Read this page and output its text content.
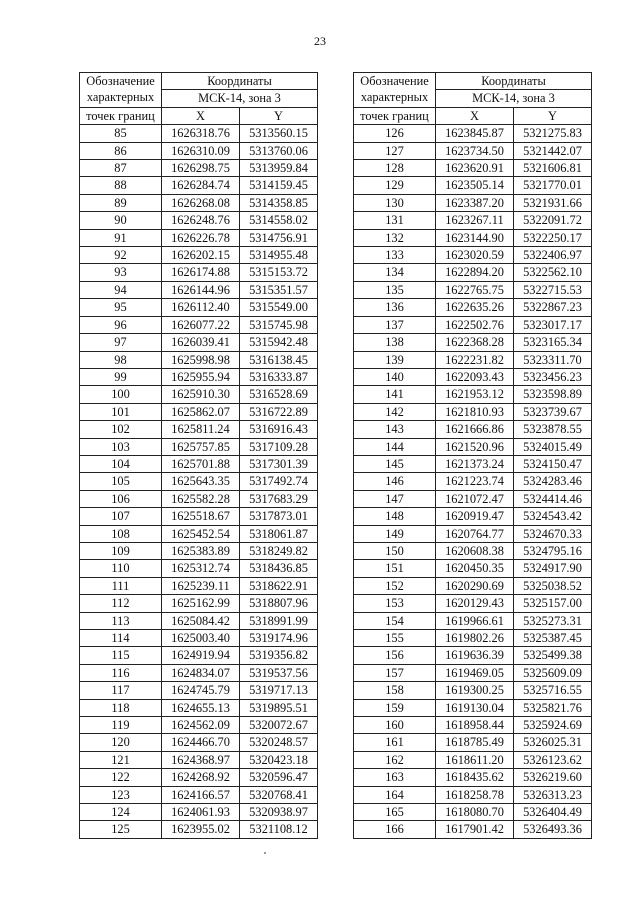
23
Обозначение
характерных	Координаты	
	МСК-14, зона 3	
точек границ	X	Y
85	1626318.76	5313560.15
86	1626310.09	5313760.06
87	1626298.75	5313959.84
88	1626284.74	5314159.45
89	1626268.08	5314358.85
90	1626248.76	5314558.02
91	1626226.78	5314756.91
92	1626202.15	5314955.48
93	1626174.88	5315153.72
94	1626144.96	5315351.57
95	1626112.40	5315549.00
96	1626077.22	5315745.98
97	1626039.41	5315942.48
98	1625998.98	5316138.45
99	1625955.94	5316333.87
100	1625910.30	5316528.69
101	1625862.07	5316722.89
102	1625811.24	5316916.43
103	1625757.85	5317109.28
104	1625701.88	5317301.39
105	1625643.35	5317492.74
106	1625582.28	5317683.29
107	1625518.67	5317873.01
108	1625452.54	5318061.87
109	1625383.89	5318249.82
110	1625312.74	5318436.85
111	1625239.11	5318622.91
112	1625162.99	5318807.96
113	1625084.42	5318991.99
114	1625003.40	5319174.96
115	1624919.94	5319356.82
116	1624834.07	5319537.56
117	1624745.79	5319717.13
118	1624655.13	5319895.51
119	1624562.09	5320072.67
120	1624466.70	5320248.57
121	1624368.97	5320423.18
122	1624268.92	5320596.47
123	1624166.57	5320768.41
124	1624061.93	5320938.97
125	1623955.02	5321108.12
Обозначение
характерных	Координаты	
	МСК-14, зона 3	
точек границ	X	Y
126	1623845.87	5321275.83
127	1623734.50	5321442.07
128	1623620.91	5321606.81
129	1623505.14	5321770.01
130	1623387.20	5321931.66
131	1623267.11	5322091.72
132	1623144.90	5322250.17
133	1623020.59	5322406.97
134	1622894.20	5322562.10
135	1622765.75	5322715.53
136	1622635.26	5322867.23
137	1622502.76	5323017.17
138	1622368.28	5323165.34
139	1622231.82	5323311.70
140	1622093.43	5323456.23
141	1621953.12	5323598.89
142	1621810.93	5323739.67
143	1621666.86	5323878.55
144	1621520.96	5324015.49
145	1621373.24	5324150.47
146	1621223.74	5324283.46
147	1621072.47	5324414.46
148	1620919.47	5324543.42
149	1620764.77	5324670.33
150	1620608.38	5324795.16
151	1620450.35	5324917.90
152	1620290.69	5325038.52
153	1620129.43	5325157.00
154	1619966.61	5325273.31
155	1619802.26	5325387.45
156	1619636.39	5325499.38
157	1619469.05	5325609.09
158	1619300.25	5325716.55
159	1619130.04	5325821.76
160	1618958.44	5325924.69
161	1618785.49	5326025.31
162	1618611.20	5326123.62
163	1618435.62	5326219.60
164	1618258.78	5326313.23
165	1618080.70	5326404.49
166	1617901.42	5326493.36
